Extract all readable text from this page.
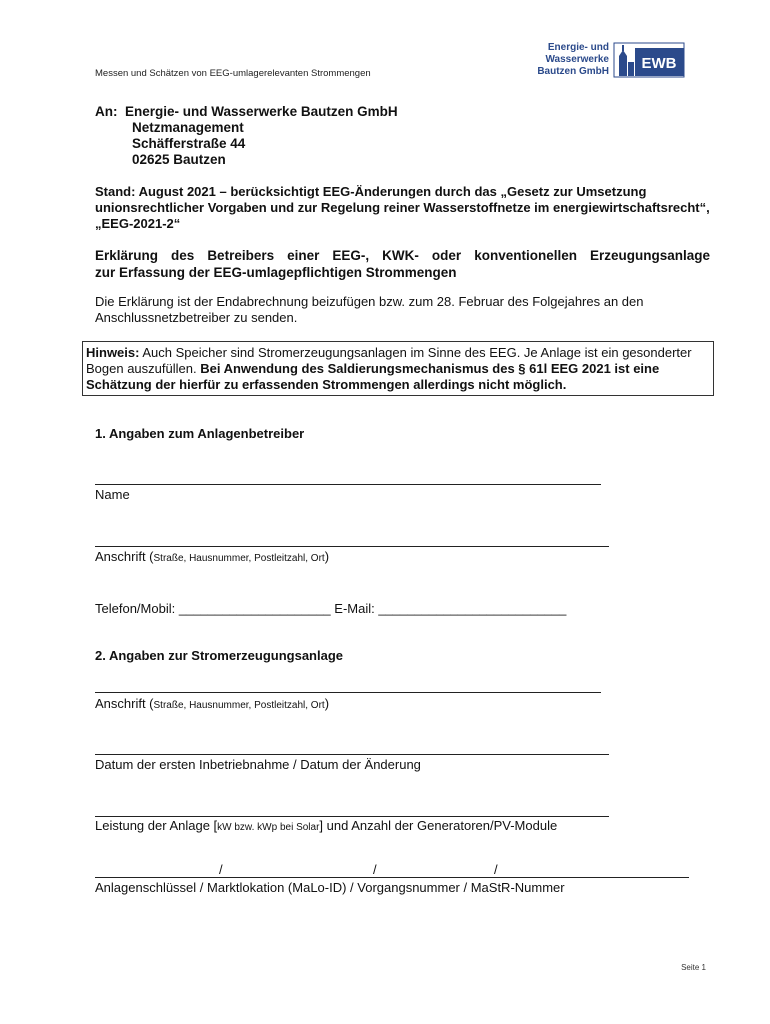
Messen und Schätzen von EEG-umlagerelevanten Strommengen
Energie- und
Wasserwerke
Bautzen GmbH EWB
An: Energie- und Wasserwerke Bautzen GmbH
Netzmanagement
Schäfferstraße 44
02625 Bautzen
Stand: August 2021 – berücksichtigt EEG-Änderungen durch das „Gesetz zur Umsetzung unionsrechtlicher Vorgaben und zur Regelung reiner Wasserstoffnetze im energiewirtschaftsrecht“, „EEG-2021-2“
Erklärung des Betreibers einer EEG-, KWK- oder konventionellen Erzeugungsanlage
zur Erfassung der EEG-umlagepflichtigen Strommengen
Die Erklärung ist der Endabrechnung beizufügen bzw. zum 28. Februar des Folgejahres an den Anschlussnetzbetreiber zu senden.
Hinweis: Auch Speicher sind Stromerzeugungsanlagen im Sinne des EEG. Je Anlage ist ein gesonderter Bogen auszufüllen. Bei Anwendung des Saldierungsmechanismus des § 61l EEG 2021 ist eine Schätzung der hierfür zu erfassenden Strommengen allerdings nicht möglich.
1. Angaben zum Anlagenbetreiber
Name
Anschrift (Straße, Hausnummer, Postleitzahl, Ort)
Telefon/Mobil: _____________________ E-Mail: __________________________
2. Angaben zur Stromerzeugungsanlage
Anschrift (Straße, Hausnummer, Postleitzahl, Ort)
Datum der ersten Inbetriebnahme / Datum der Änderung
Leistung der Anlage [kW bzw. kWp bei Solar] und Anzahl der Generatoren/PV-Module
/	/	/
Anlagenschlüssel / Marktlokation (MaLo-ID) / Vorgangsnummer / MaStR-Nummer
Seite 1
